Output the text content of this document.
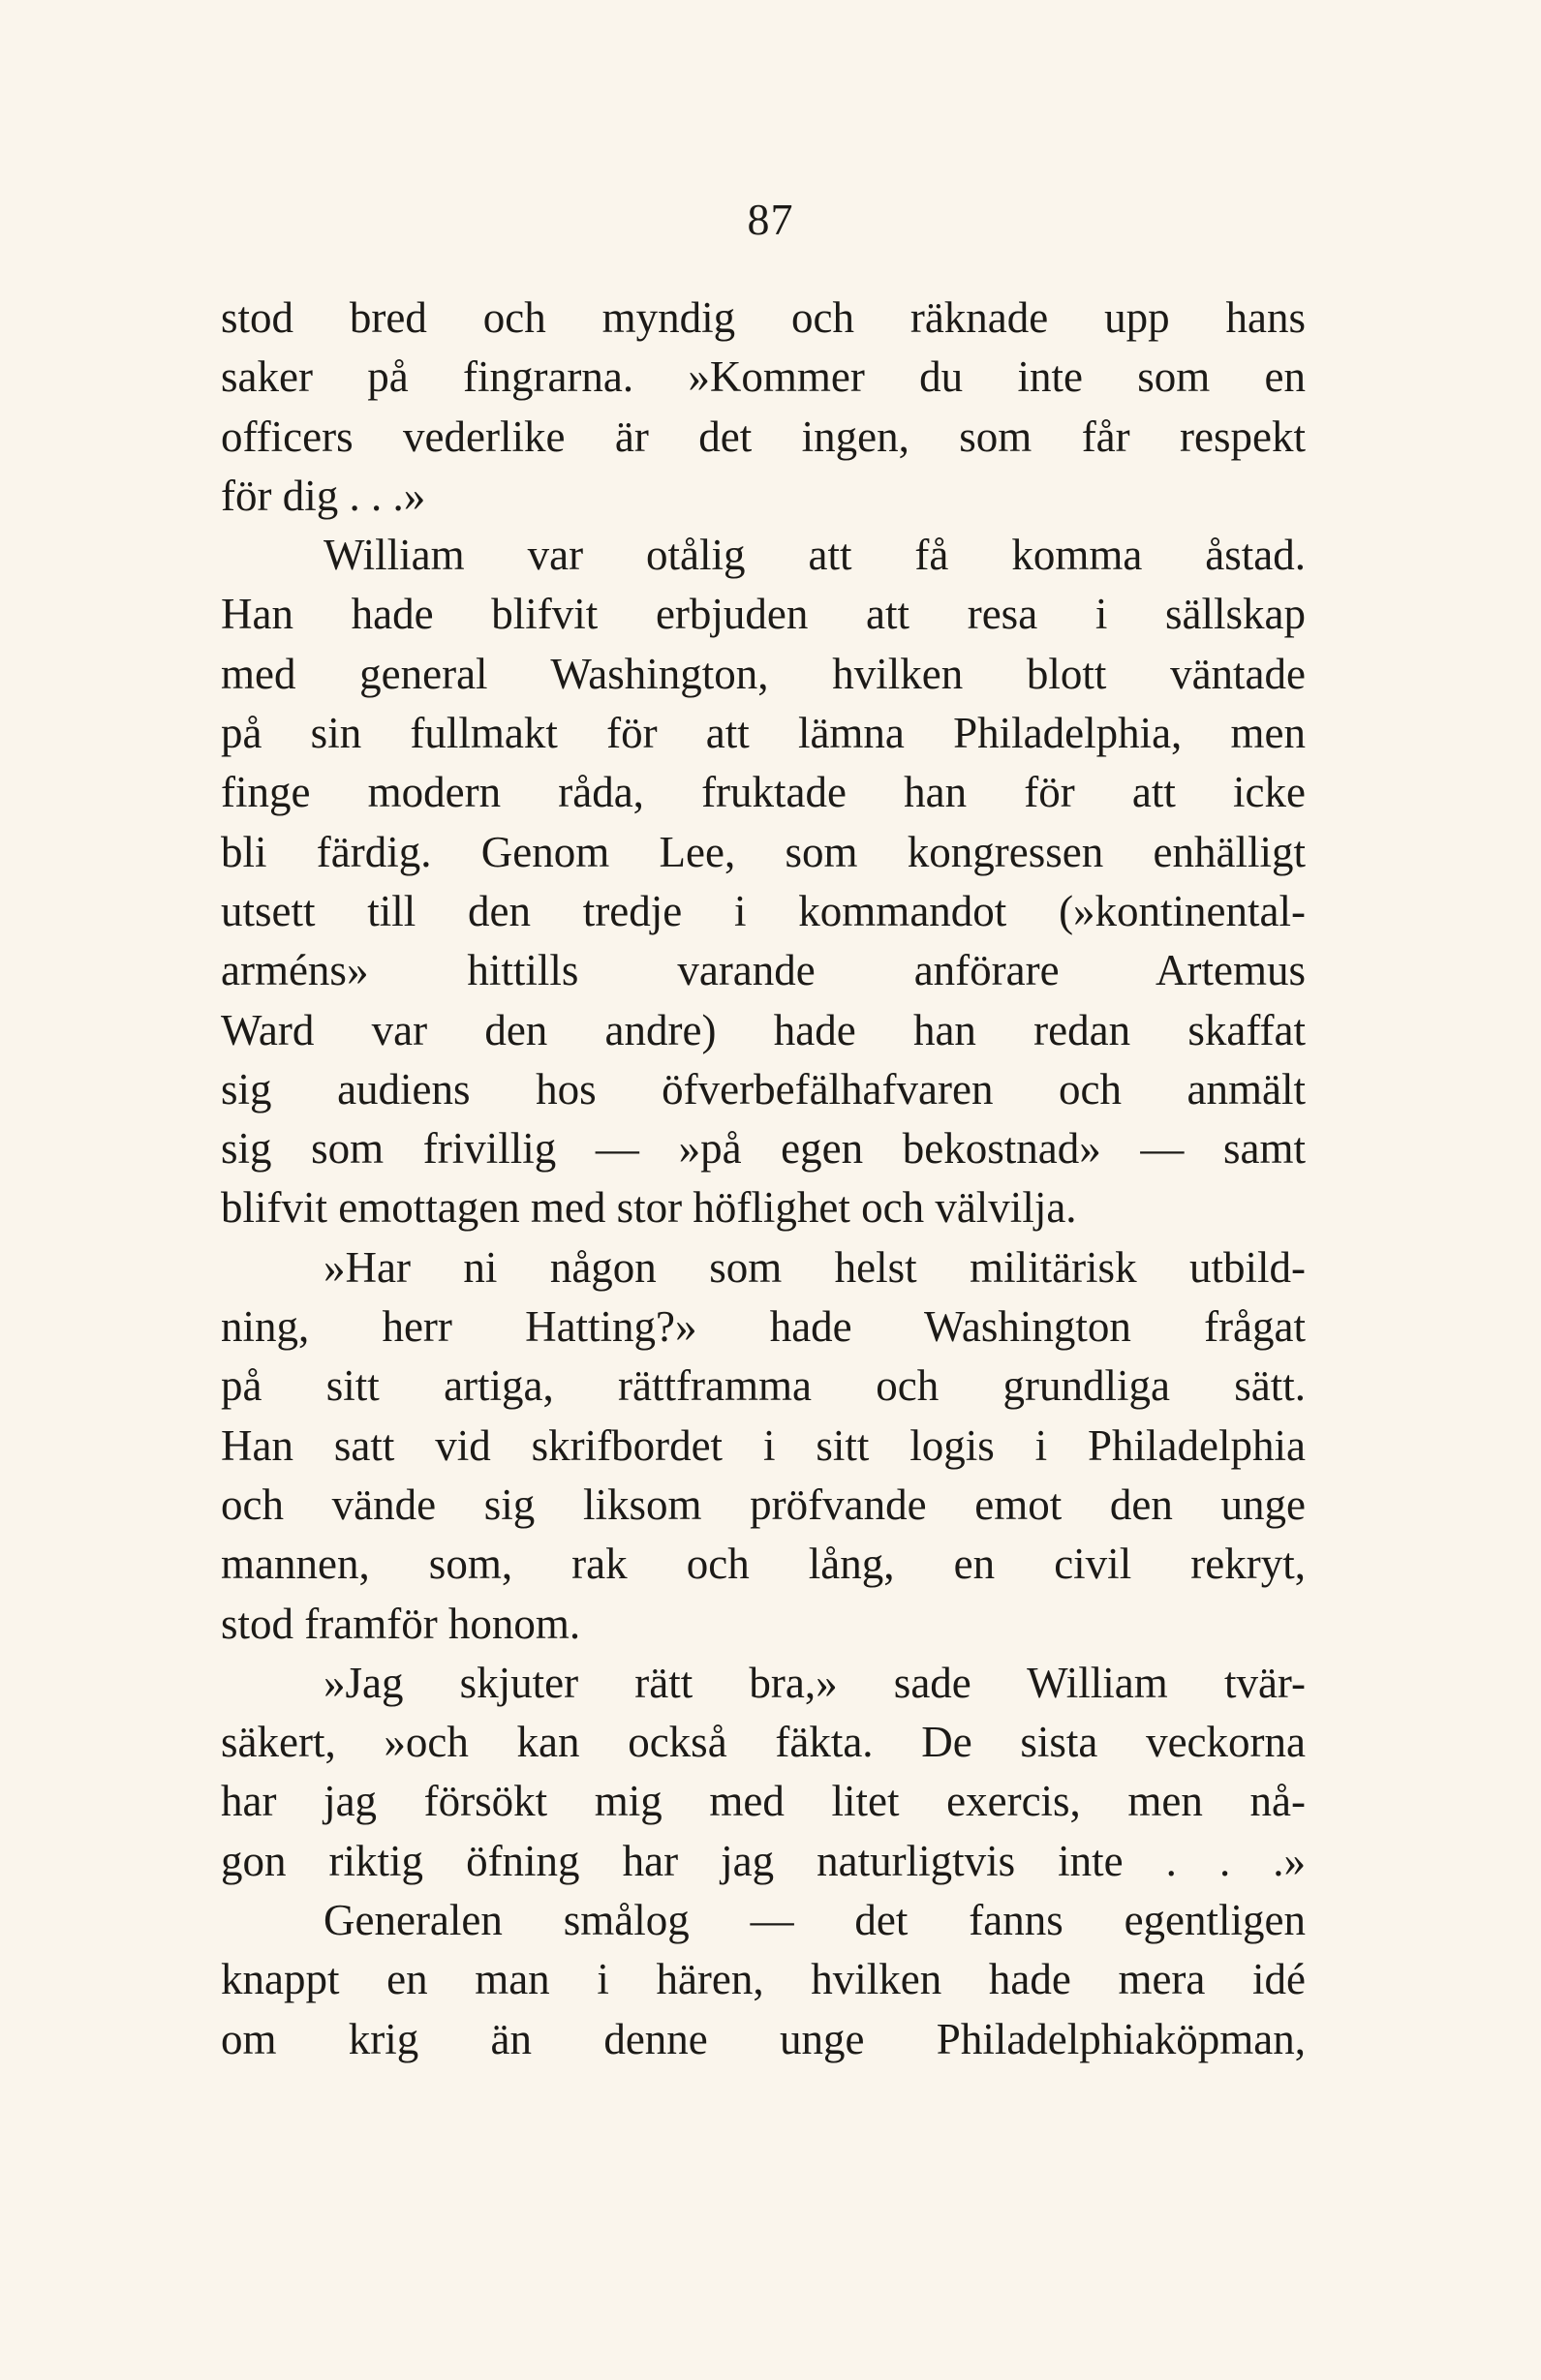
87
stod bred och myndig och räknade upp hans
saker på fingrarna. »Kommer du inte som en
officers vederlike är det ingen, som får respekt
för dig . . .»
William var otålig att få komma åstad.
Han hade blifvit erbjuden att resa i sällskap
med general Washington, hvilken blott väntade
på sin fullmakt för att lämna Philadelphia, men
finge modern råda, fruktade han för att icke
bli färdig. Genom Lee, som kongressen enhälligt
utsett till den tredje i kommandot (»kontinental-
arméns» hittills varande anförare Artemus
Ward var den andre) hade han redan skaffat
sig audiens hos öfverbefälhafvaren och anmält
sig som frivillig — »på egen bekostnad» — samt
blifvit emottagen med stor höflighet och välvilja.
»Har ni någon som helst militärisk utbild-
ning, herr Hatting?» hade Washington frågat
på sitt artiga, rättframma och grundliga sätt.
Han satt vid skrifbordet i sitt logis i Philadelphia
och vände sig liksom pröfvande emot den unge
mannen, som, rak och lång, en civil rekryt,
stod framför honom.
»Jag skjuter rätt bra,» sade William tvär-
säkert, »och kan också fäkta. De sista veckorna
har jag försökt mig med litet exercis, men nå-
gon riktig öfning har jag naturligtvis inte . . .»
Generalen smålog — det fanns egentligen
knappt en man i hären, hvilken hade mera idé
om krig än denne unge Philadelphiaköpman,
